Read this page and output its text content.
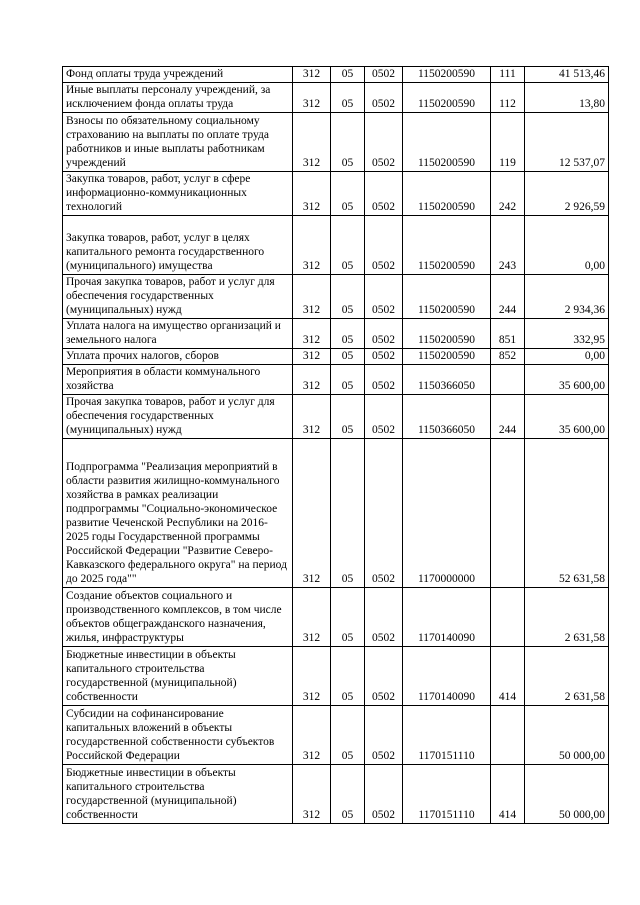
Фонд оплаты труда учреждений	312	05	0502	1150200590	111	41 513,46
Иные выплаты персоналу учреждений, за исключением фонда оплаты труда	312	05	0502	1150200590	112	13,80
Взносы по обязательному социальному страхованию на выплаты по оплате труда работников и иные выплаты работникам учреждений	312	05	0502	1150200590	119	12 537,07
Закупка товаров, работ, услуг в сфере информационно-коммуникационных технологий	312	05	0502	1150200590	242	2 926,59
Закупка товаров, работ, услуг в целях капитального ремонта государственного (муниципального) имущества	312	05	0502	1150200590	243	0,00
Прочая закупка товаров, работ и услуг для обеспечения государственных (муниципальных) нужд	312	05	0502	1150200590	244	2 934,36
Уплата налога на имущество организаций и земельного налога	312	05	0502	1150200590	851	332,95
Уплата прочих налогов, сборов	312	05	0502	1150200590	852	0,00
Мероприятия в области коммунального хозяйства	312	05	0502	1150366050		35 600,00
Прочая закупка товаров, работ и услуг для обеспечения государственных (муниципальных) нужд	312	05	0502	1150366050	244	35 600,00
Подпрограмма "Реализация мероприятий в области развития жилищно-коммунального хозяйства в рамках реализации подпрограммы "Социально-экономическое развитие Чеченской Республики на 2016-2025 годы Государственной программы Российской Федерации "Развитие Северо-Кавказского федерального округа" на период до 2025 года""	312	05	0502	1170000000		52 631,58
Создание объектов социального и производственного комплексов, в том числе объектов общегражданского назначения, жилья, инфраструктуры	312	05	0502	1170140090		2 631,58
Бюджетные инвестиции в объекты капитального строительства государственной (муниципальной) собственности	312	05	0502	1170140090	414	2 631,58
Субсидии на софинансирование капитальных вложений в объекты государственной собственности субъектов Российской Федерации	312	05	0502	1170151110		50 000,00
Бюджетные инвестиции в объекты капитального строительства государственной (муниципальной) собственности	312	05	0502	1170151110	414	50 000,00
